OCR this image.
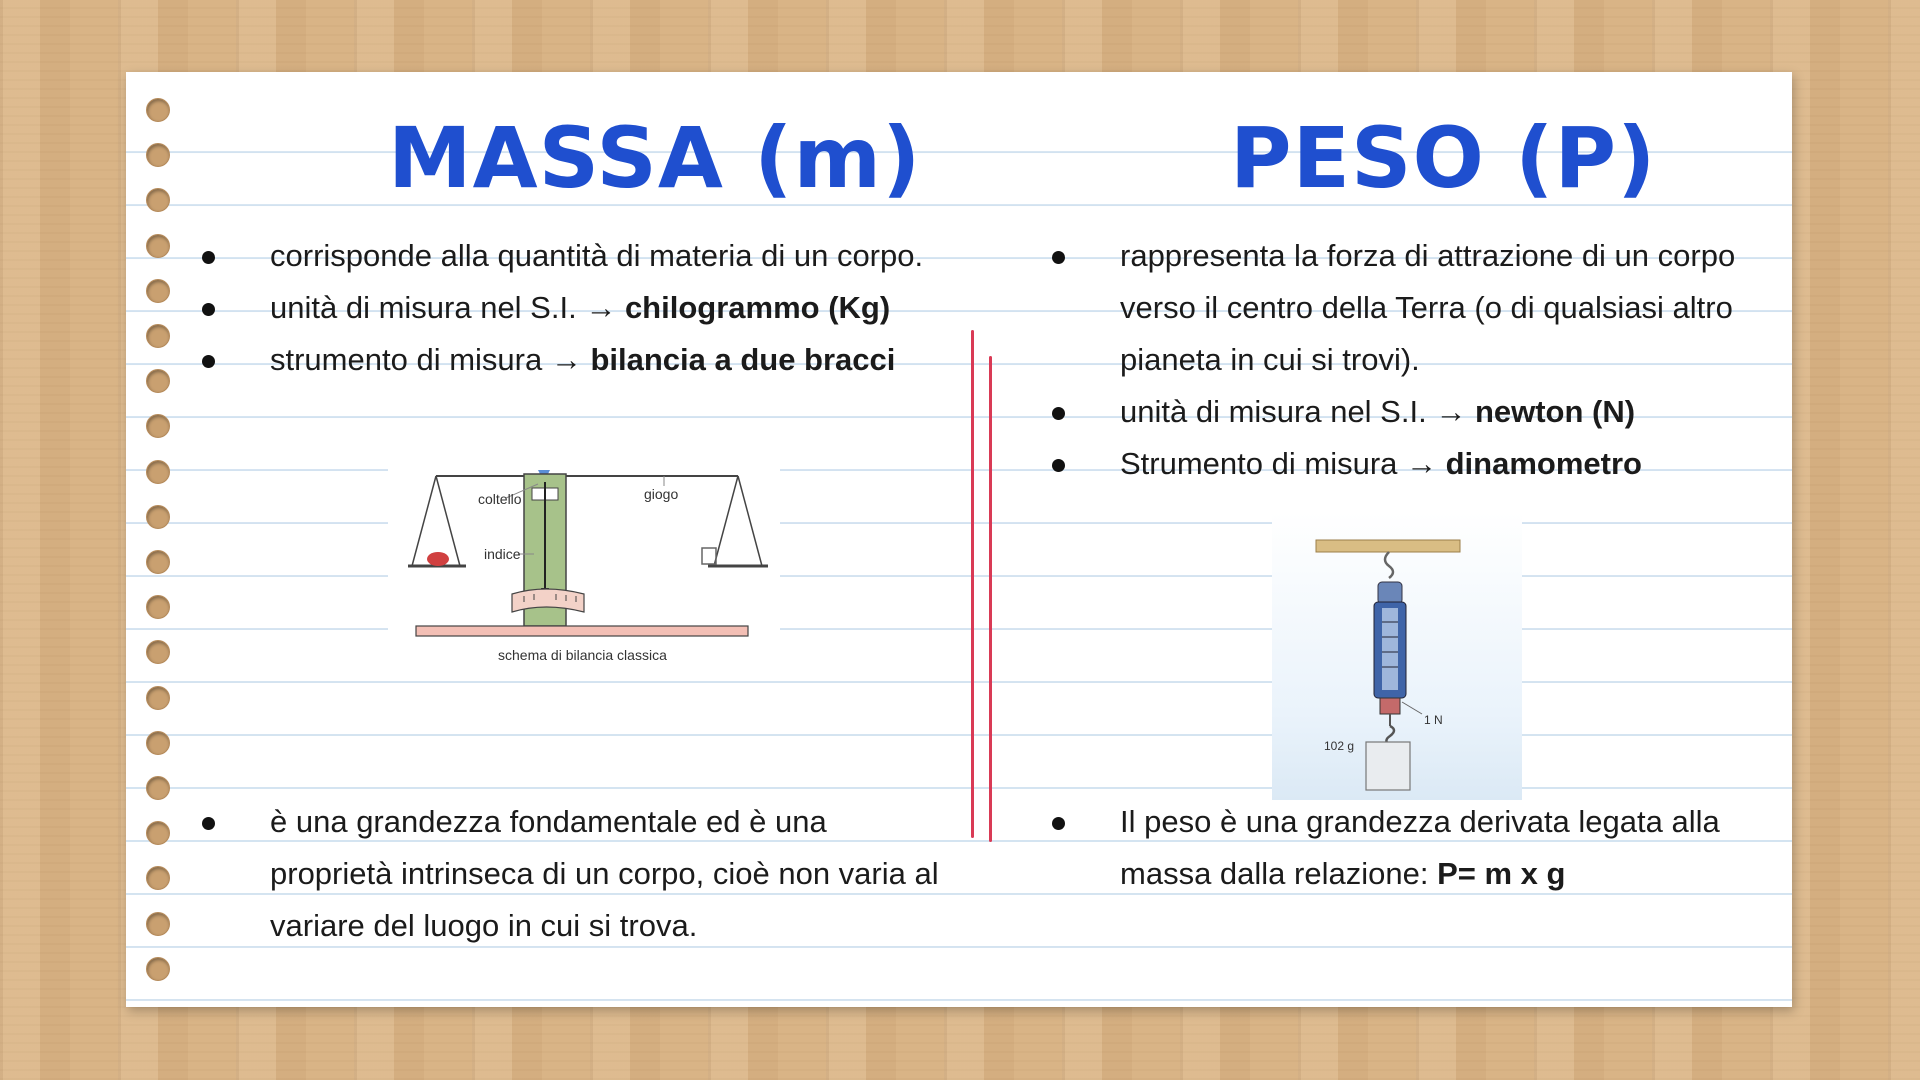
MASSA (m)	PESO (P)
corrisponde alla quantità di materia di un corpo.
unità di misura nel S.I. → chilogrammo (Kg)
strumento di misura → bilancia a due bracci
coltello	giogo
indice
schema di bilancia classica
è una grandezza fondamentale ed è una proprietà intrinseca di un corpo, cioè non varia al variare del luogo in cui si trova.
rappresenta la forza di attrazione di un corpo verso il centro della Terra (o di qualsiasi altro pianeta in cui si trovi).
unità di misura nel S.I. → newton (N)
Strumento di misura → dinamometro
1 N
102 g
Il peso è una grandezza derivata legata alla massa dalla relazione: P= m x g
